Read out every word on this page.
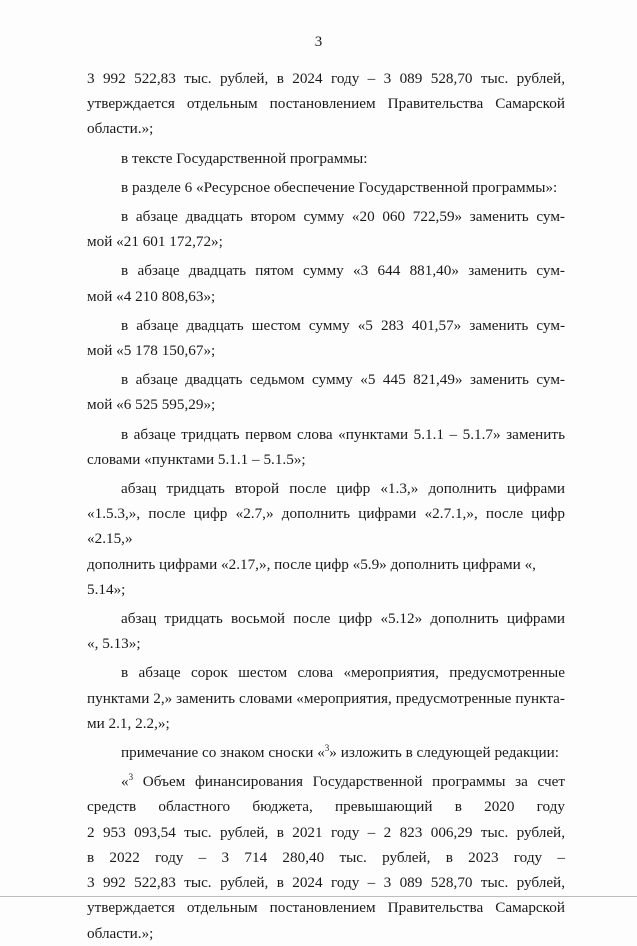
3

3 992 522,83 тыс. рублей, в 2024 году – 3 089 528,70 тыс. рублей,
утверждается отдельным постановлением Правительства Самарской
области.»;

в тексте Государственной программы:

в разделе 6 «Ресурсное обеспечение Государственной программы»:

в абзаце двадцать втором сумму «20 060 722,59» заменить сум-
мой «21 601 172,72»;

в абзаце двадцать пятом сумму «3 644 881,40» заменить сум-
мой «4 210 808,63»;

в абзаце двадцать шестом сумму «5 283 401,57» заменить сум-
мой «5 178 150,67»;

в абзаце двадцать седьмом сумму «5 445 821,49» заменить сум-
мой «6 525 595,29»;

в абзаце тридцать первом слова «пунктами 5.1.1 – 5.1.7» заменить
словами «пунктами 5.1.1 – 5.1.5»;

абзац тридцать второй после цифр «1.3,» дополнить цифрами
«1.5.3,», после цифр «2.7,» дополнить цифрами «2.7.1,», после цифр «2.15,»
дополнить цифрами «2.17,», после цифр «5.9» дополнить цифрами «, 5.14»;

абзац тридцать восьмой после цифр «5.12» дополнить цифрами
«, 5.13»;

в абзаце сорок шестом слова «мероприятия, предусмотренные
пунктами 2,» заменить словами «мероприятия, предусмотренные пункта-
ми 2.1, 2.2,»;

примечание со знаком сноски «$^3$» изложить в следующей редакции:

«$^3$ Объем финансирования Государственной программы за счет
средств областного бюджета, превышающий в 2020 году
2 953 093,54 тыс. рублей, в 2021 году – 2 823 006,29 тыс. рублей,
в 2022 году – 3 714 280,40 тыс. рублей, в 2023 году –
3 992 522,83 тыс. рублей, в 2024 году – 3 089 528,70 тыс. рублей,
утверждается отдельным постановлением Правительства Самарской
области.»;
